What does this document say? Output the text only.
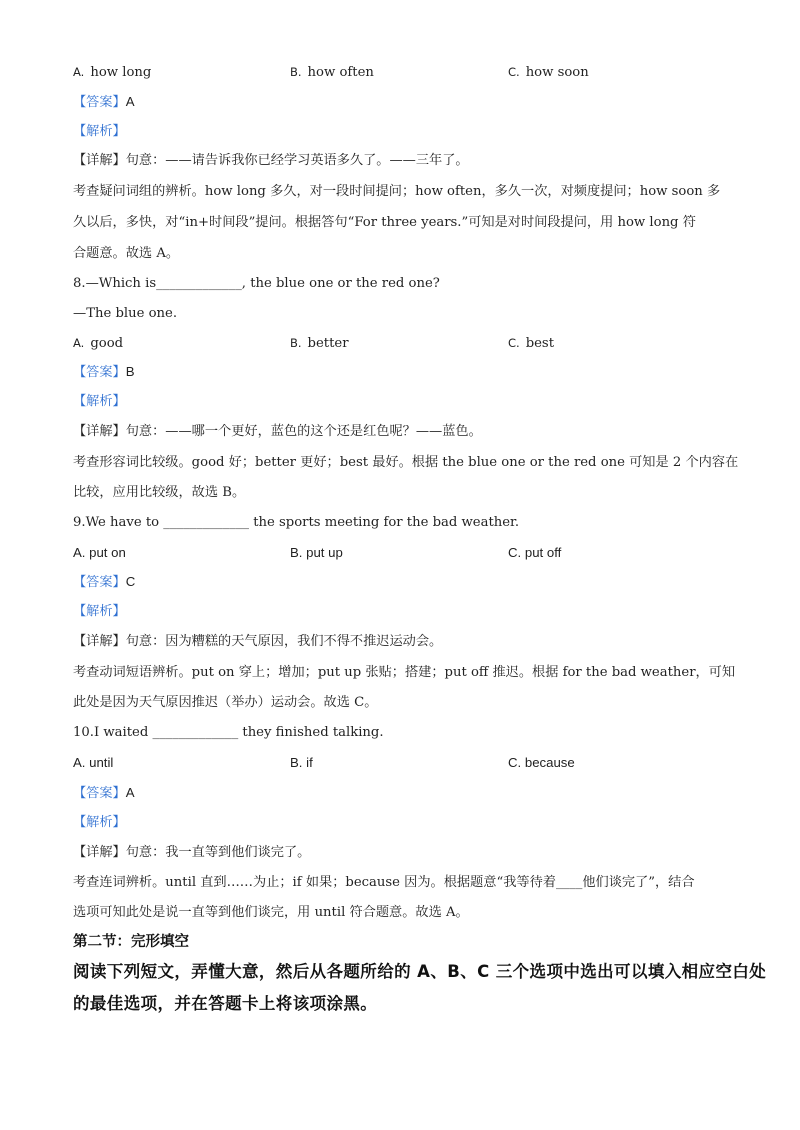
A. how long	B. how often	C. how soon
【答案】A
【解析】
【详解】句意：——请告诉我你已经学习英语多久了。——三年了。
考查疑问词组的辨析。how long 多久，对一段时间提问；how often，多久一次，对频度提问；how soon 多
久以后，多快，对“in+时间段”提问。根据答句“For three years.”可知是对时间段提问，用 how long 符
合题意。故选 A。
8.—Which is_____________, the blue one or the red one?
—The blue one.
A. good	B. better	C. best
【答案】B
【解析】
【详解】句意：——哪一个更好，蓝色的这个还是红色呢？——蓝色。
考查形容词比较级。good 好；better 更好；best 最好。根据 the blue one or the red one 可知是 2 个内容在
比较，应用比较级，故选 B。
9.We have to _____________ the sports meeting for the bad weather.
A. put on	B. put up	C. put off
【答案】C
【解析】
【详解】句意：因为糟糕的天气原因，我们不得不推迟运动会。
考查动词短语辨析。put on 穿上；增加；put up 张贴；搭建；put off 推迟。根据 for the bad weather，可知
此处是因为天气原因推迟（举办）运动会。故选 C。
10.I waited _____________ they finished talking.
A. until	B. if	C. because
【答案】A
【解析】
【详解】句意：我一直等到他们谈完了。
考查连词辨析。until 直到……为止；if 如果；because 因为。根据题意“我等待着____他们谈完了”，结合
选项可知此处是说一直等到他们谈完，用 until 符合题意。故选 A。
第二节：完形填空
阅读下列短文，弄懂大意，然后从各题所给的 A、B、C 三个选项中选出可以填入相应空白处
的最佳选项，并在答题卡上将该项涂黑。
